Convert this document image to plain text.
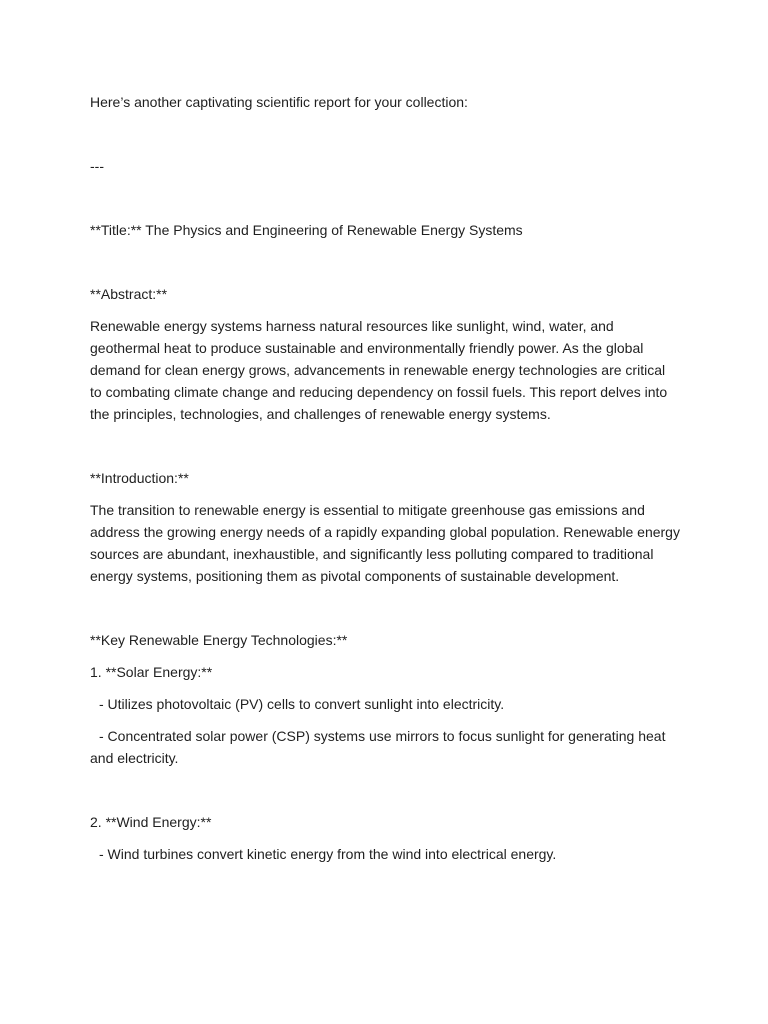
Here’s another captivating scientific report for your collection:

---

**Title:** The Physics and Engineering of Renewable Energy Systems

**Abstract:**

Renewable energy systems harness natural resources like sunlight, wind, water, and geothermal heat to produce sustainable and environmentally friendly power. As the global demand for clean energy grows, advancements in renewable energy technologies are critical to combating climate change and reducing dependency on fossil fuels. This report delves into the principles, technologies, and challenges of renewable energy systems.

**Introduction:**

The transition to renewable energy is essential to mitigate greenhouse gas emissions and address the growing energy needs of a rapidly expanding global population. Renewable energy sources are abundant, inexhaustible, and significantly less polluting compared to traditional energy systems, positioning them as pivotal components of sustainable development.

**Key Renewable Energy Technologies:**

1. **Solar Energy:**

- Utilizes photovoltaic (PV) cells to convert sunlight into electricity.

- Concentrated solar power (CSP) systems use mirrors to focus sunlight for generating heat and electricity.

2. **Wind Energy:**

- Wind turbines convert kinetic energy from the wind into electrical energy.
